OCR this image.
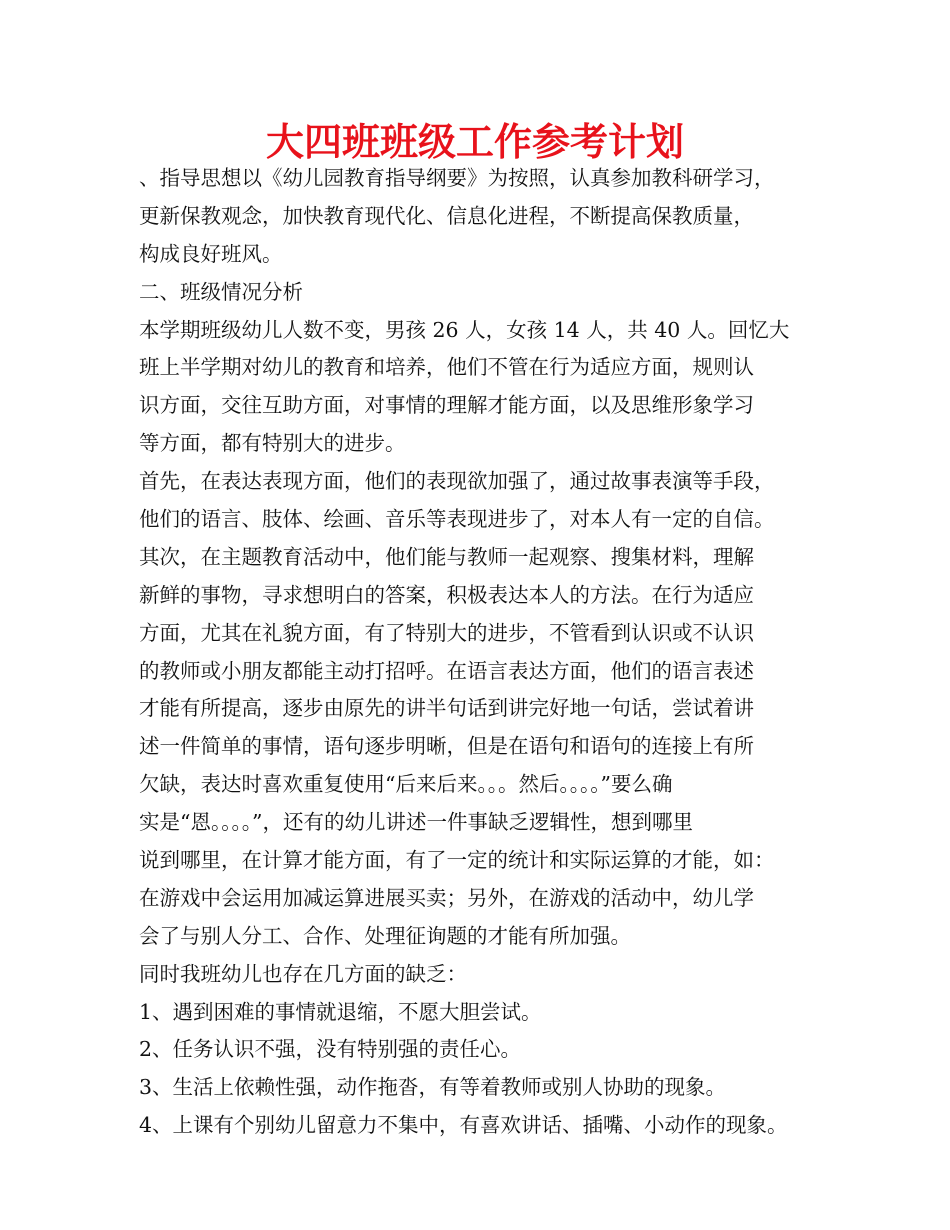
大四班班级工作参考计划
、指导思想以《幼儿园教育指导纲要》为按照，认真参加教科研学习，
更新保教观念，加快教育现代化、信息化进程，不断提高保教质量，
构成良好班风。
二、班级情况分析
本学期班级幼儿人数不变，男孩 26 人，女孩 14 人，共 40 人。回忆大
班上半学期对幼儿的教育和培养，他们不管在行为适应方面，规则认
识方面，交往互助方面，对事情的理解才能方面，以及思维形象学习
等方面，都有特别大的进步。
首先，在表达表现方面，他们的表现欲加强了，通过故事表演等手段，
他们的语言、肢体、绘画、音乐等表现进步了，对本人有一定的自信。
其次，在主题教育活动中，他们能与教师一起观察、搜集材料，理解
新鲜的事物，寻求想明白的答案，积极表达本人的方法。在行为适应
方面，尤其在礼貌方面，有了特别大的进步，不管看到认识或不认识
的教师或小朋友都能主动打招呼。在语言表达方面，他们的语言表述
才能有所提高，逐步由原先的讲半句话到讲完好地一句话，尝试着讲
述一件简单的事情，语句逐步明晰，但是在语句和语句的连接上有所
欠缺，表达时喜欢重复使用“后来后来。。。然后。。。。”要么确
实是“恩。。。。”，还有的幼儿讲述一件事缺乏逻辑性，想到哪里
说到哪里，在计算才能方面，有了一定的统计和实际运算的才能，如：
在游戏中会运用加减运算进展买卖；另外，在游戏的活动中，幼儿学
会了与别人分工、合作、处理征询题的才能有所加强。
同时我班幼儿也存在几方面的缺乏：
1、遇到困难的事情就退缩，不愿大胆尝试。
2、任务认识不强，没有特别强的责任心。
3、生活上依赖性强，动作拖沓，有等着教师或别人协助的现象。
4、上课有个别幼儿留意力不集中，有喜欢讲话、插嘴、小动作的现象。
